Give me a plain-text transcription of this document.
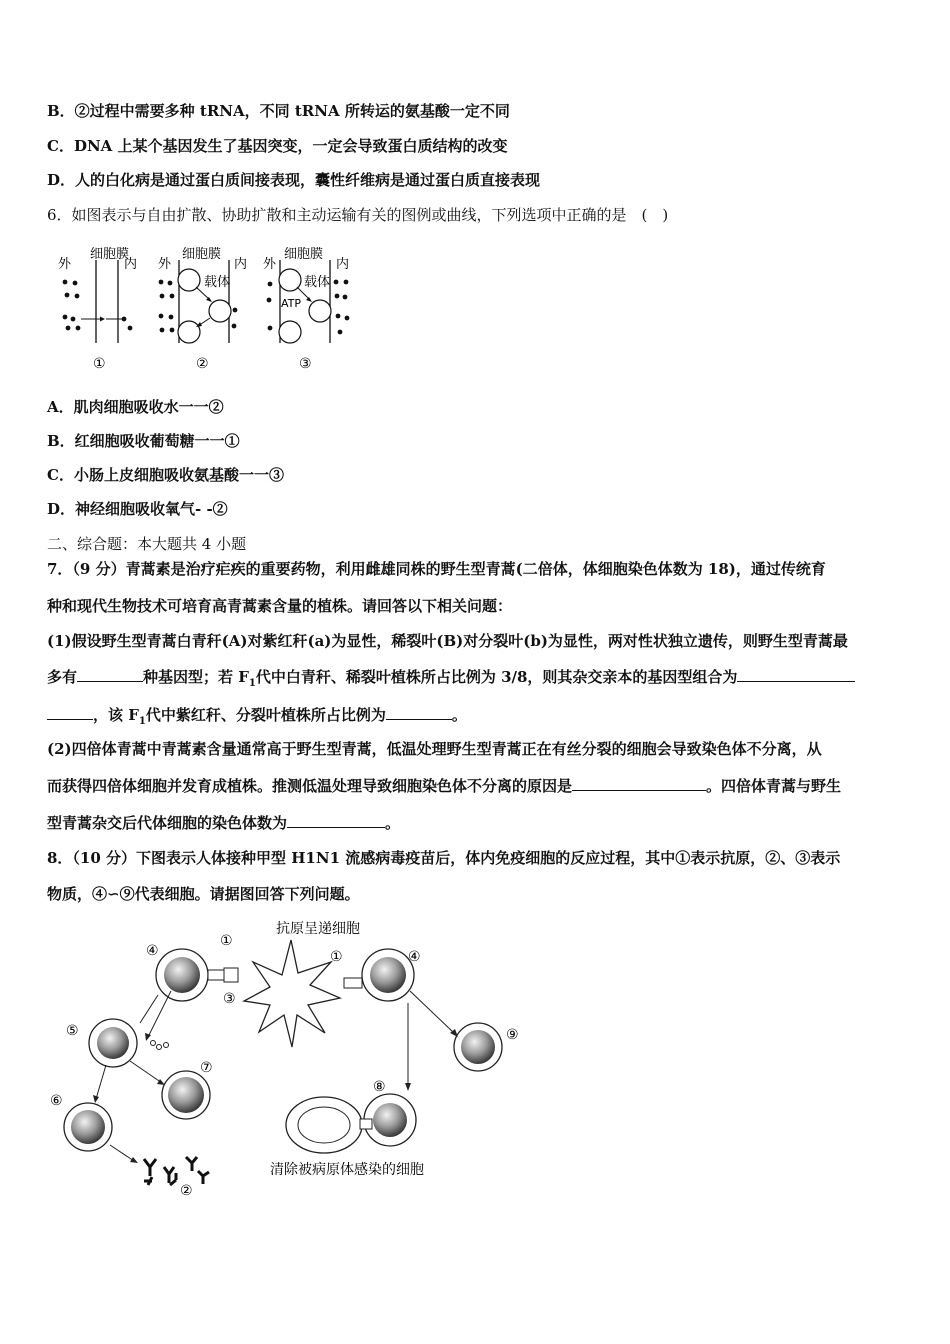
B．②过程中需要多种 tRNA，不同 tRNA 所转运的氨基酸一定不同
C．DNA 上某个基因发生了基因突变，一定会导致蛋白质结构的改变
D．人的白化病是通过蛋白质间接表现，囊性纤维病是通过蛋白质直接表现
6．如图表示与自由扩散、协助扩散和主动运输有关的图例或曲线，下列选项中正确的是　(　)
细胞膜
外	内
①
细胞膜
外	内
载体
②
细胞膜
外	内
载体
ATP
③
A．肌肉细胞吸收水一一②
B．红细胞吸收葡萄糖一一①
C．小肠上皮细胞吸收氨基酸一一③
D．神经细胞吸收氧气- -②
二、综合题：本大题共 4 小题
7．（9 分）青蒿素是治疗疟疾的重要药物，利用雌雄同株的野生型青蒿(二倍体，体细胞染色体数为 18)，通过传统育
种和现代生物技术可培育高青蒿素含量的植株。请回答以下相关问题：
(1)假设野生型青蒿白青秆(A)对紫红秆(a)为显性，稀裂叶(B)对分裂叶(b)为显性，两对性状独立遗传，则野生型青蒿最
多有	种基因型；若 $F_1$代中白青秆、稀裂叶植株所占比例为 3/8，则其杂交亲本的基因型组合为
，该 $F_1$代中紫红秆、分裂叶植株所占比例为	。
(2)四倍体青蒿中青蒿素含量通常高于野生型青蒿，低温处理野生型青蒿正在有丝分裂的细胞会导致染色体不分离，从
而获得四倍体细胞并发育成植株。推测低温处理导致细胞染色体不分离的原因是	。四倍体青蒿与野生
型青蒿杂交后代体细胞的染色体数为	。
8．（10 分）下图表示人体接种甲型 H1N1 流感病毒疫苗后，体内免疫细胞的反应过程，其中①表示抗原，②、③表示
物质，④∽⑨代表细胞。请据图回答下列问题。
抗原呈递细胞
④
①
③
④
①
⑤
⑦
⑥
②
⑨
⑧
清除被病原体感染的细胞
